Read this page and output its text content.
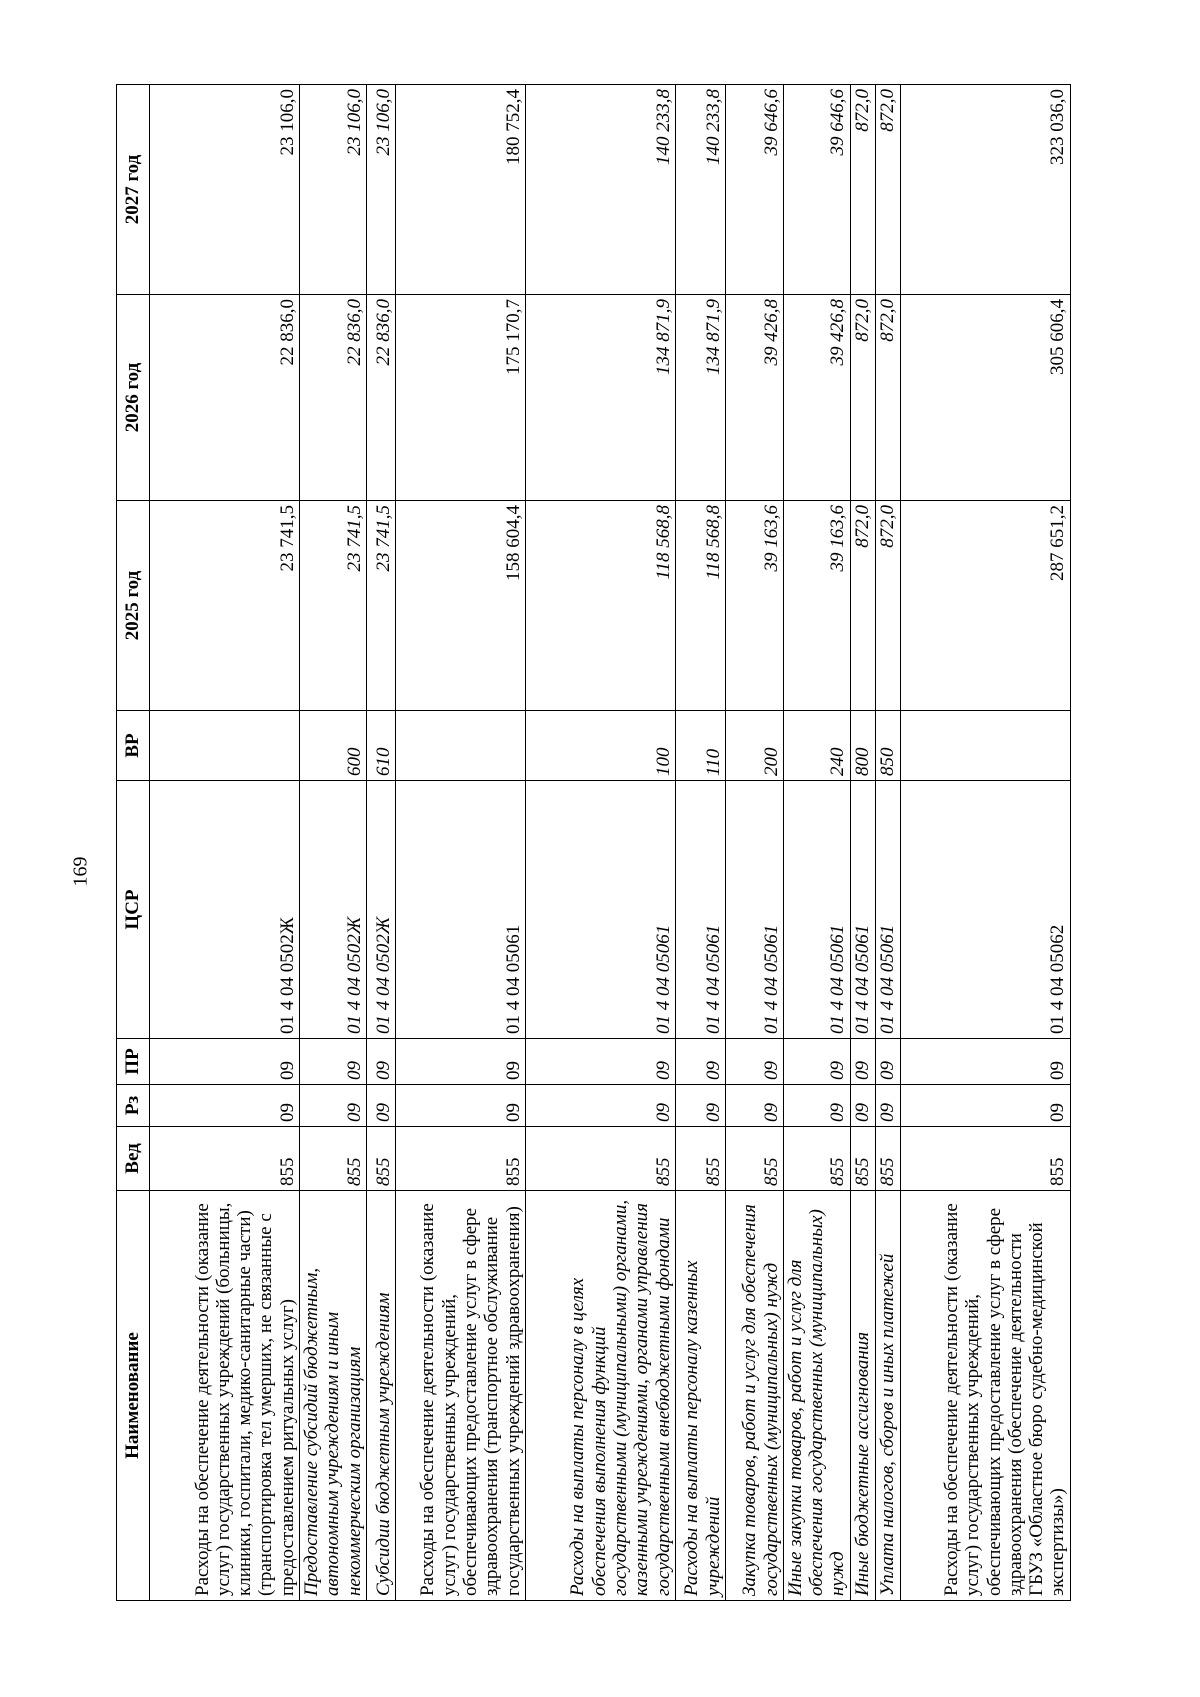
169
Наименование	Вед	Рз	ПР	ЦСР	ВР	2025 год	2026 год	2027 год
Расходы на обеспечение деятельности (оказание услуг) государственных учреждений (больницы, клиники, госпитали, медико-санитарные части) (транспортировка тел умерших, не связанные с предоставлением ритуальных услуг)	855	09	09	01 4 04 0502Ж		23 741,5	22 836,0	23 106,0
Предоставление субсидий бюджетным, автономным учреждениям и иным некоммерческим организациям	855	09	09	01 4 04 0502Ж	600	23 741,5	22 836,0	23 106,0
Субсидии бюджетным учреждениям	855	09	09	01 4 04 0502Ж	610	23 741,5	22 836,0	23 106,0
Расходы на обеспечение деятельности (оказание услуг) государственных учреждений, обеспечивающих предоставление услуг в сфере здравоохранения (транспортное обслуживание государственных учреждений здравоохранения)	855	09	09	01 4 04 05061		158 604,4	175 170,7	180 752,4
Расходы на выплаты персоналу в целях обеспечения выполнения функций государственными (муниципальными) органами, казенными учреждениями, органами управления государственными внебюджетными фондами	855	09	09	01 4 04 05061	100	118 568,8	134 871,9	140 233,8
Расходы на выплаты персоналу казенных учреждений	855	09	09	01 4 04 05061	110	118 568,8	134 871,9	140 233,8
Закупка товаров, работ и услуг для обеспечения государственных (муниципальных) нужд	855	09	09	01 4 04 05061	200	39 163,6	39 426,8	39 646,6
Иные закупки товаров, работ и услуг для обеспечения государственных (муниципальных) нужд	855	09	09	01 4 04 05061	240	39 163,6	39 426,8	39 646,6
Иные бюджетные ассигнования	855	09	09	01 4 04 05061	800	872,0	872,0	872,0
Уплата налогов, сборов и иных платежей	855	09	09	01 4 04 05061	850	872,0	872,0	872,0
Расходы на обеспечение деятельности (оказание услуг) государственных учреждений, обеспечивающих предоставление услуг в сфере здравоохранения (обеспечение деятельности ГБУЗ «Областное бюро судебно-медицинской экспертизы»)	855	09	09	01 4 04 05062		287 651,2	305 606,4	323 036,0
